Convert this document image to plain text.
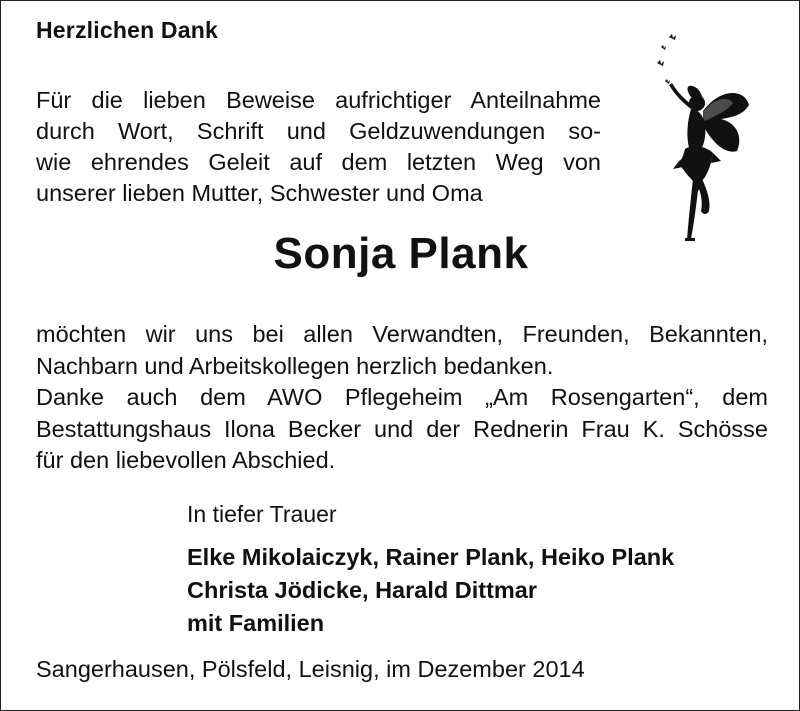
Herzlichen Dank

Für die lieben Beweise aufrichtiger Anteilnahme

durch Wort, Schrift und Geldzuwendungen so-

wie ehrendes Geleit auf dem letzten Weg von

unserer lieben Mutter, Schwester und Oma

Sonja Plank
möchten wir uns bei allen Verwandten, Freunden, Bekannten,
Nachbarn und Arbeitskollegen herzlich bedanken.
Danke auch dem AWO Pflegeheim „Am Rosengarten“, dem
Bestattungshaus Ilona Becker und der Rednerin Frau K. Schösse
für den liebevollen Abschied.
In tiefer Trauer
Elke Mikolaiczyk, Rainer Plank, Heiko Plank
Christa Jödicke, Harald Dittmar
mit Familien
Sangerhausen, Pölsfeld, Leisnig, im Dezember 2014
